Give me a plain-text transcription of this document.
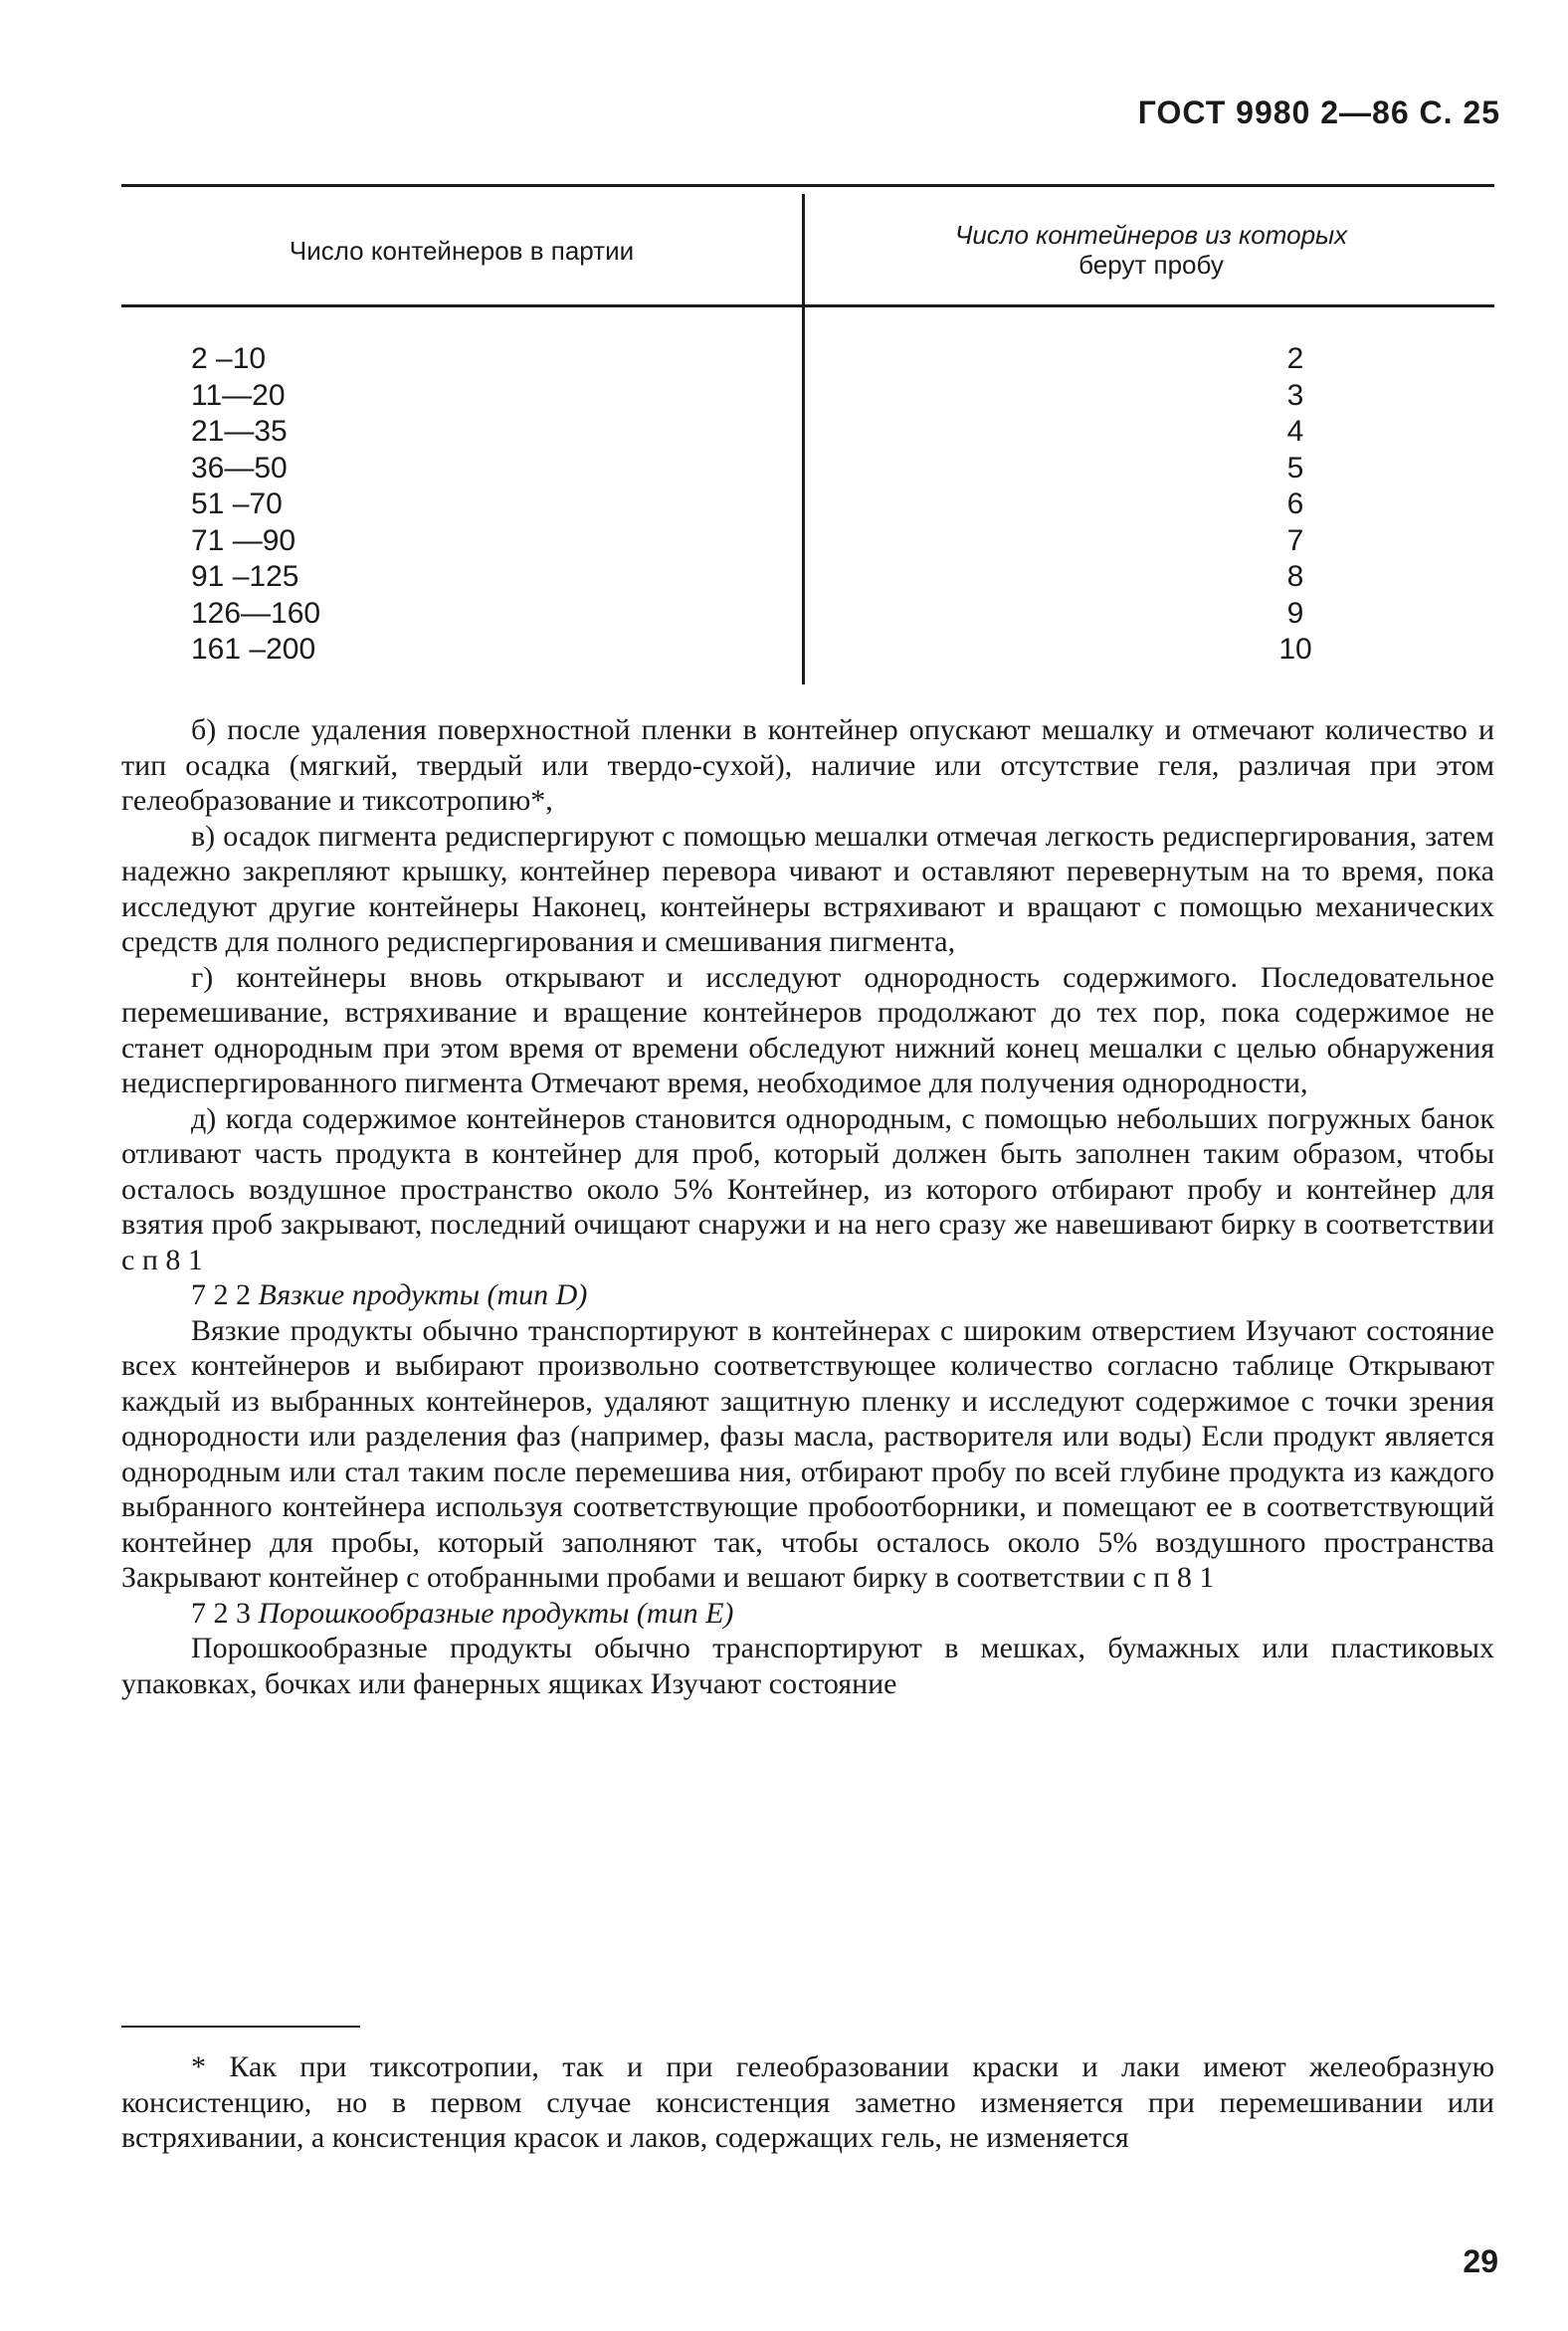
ГОСТ 9980 2—86 С. 25
Число контейнеров в партии
Число контейнеров из которых
берут пробу
2 –10
11—20
21—35
36—50
51 –70
71 —90
91 –125
126—160
161 –200
2
3
4
5
6
7
8
9
10

б) после удаления поверхностной пленки в контейнер опускают мешалку и отмечают количество и тип осадка (мягкий, твердый или твердо-сухой), наличие или отсутствие геля, различая при этом гелеобразование и тиксотропию*,

в) осадок пигмента редиспергируют с помощью мешалки отмечая легкость редиспергирования, затем надежно закрепляют крышку, контейнер перевора чивают и оставляют перевернутым на то время, пока исследуют другие контейнеры Наконец, контейнеры встряхивают и вращают с помощью механических средств для полного редиспергирования и смешивания пигмента,

г) контейнеры вновь открывают и исследуют однородность содержимого. Последовательное перемешивание, встряхивание и вращение контейнеров продолжают до тех пор, пока содержимое не станет однородным при этом время от времени обследуют нижний конец мешалки с целью обнаружения недиспергированного пигмента Отмечают время, необходимое для получения однородности,

д) когда содержимое контейнеров становится однородным, с помощью небольших погружных банок отливают часть продукта в контейнер для проб, который должен быть заполнен таким образом, чтобы осталось воздушное пространство около 5% Контейнер, из которого отбирают пробу и контейнер для взятия проб закрывают, последний очищают снаружи и на него сразу же навешивают бирку в соответствии с п 8 1

7 2 2 Вязкие продукты (тип D)

Вязкие продукты обычно транспортируют в контейнерах с широким отверстием Изучают состояние всех контейнеров и выбирают произвольно соответствующее количество согласно таблице Открывают каждый из выбранных контейнеров, удаляют защитную пленку и исследуют содержимое с точки зрения однородности или разделения фаз (например, фазы масла, растворителя или воды) Если продукт является однородным или стал таким после перемешива ния, отбирают пробу по всей глубине продукта из каждого выбранного контейнера используя соответствующие пробоотборники, и помещают ее в соответствующий контейнер для пробы, который заполняют так, чтобы осталось около 5% воздушного пространства Закрывают контейнер с отобранными пробами и вешают бирку в соответствии с п 8 1

7 2 3 Порошкообразные продукты (тип E)

Порошкообразные продукты обычно транспортируют в мешках, бумажных или пластиковых упаковках, бочках или фанерных ящиках Изучают состояние

* Как при тиксотропии, так и при гелеобразовании краски и лаки имеют желеобразную консистенцию, но в первом случае консистенция заметно изменяется при перемешивании или встряхивании, а консистенция красок и лаков, содержащих гель, не изменяется
29
